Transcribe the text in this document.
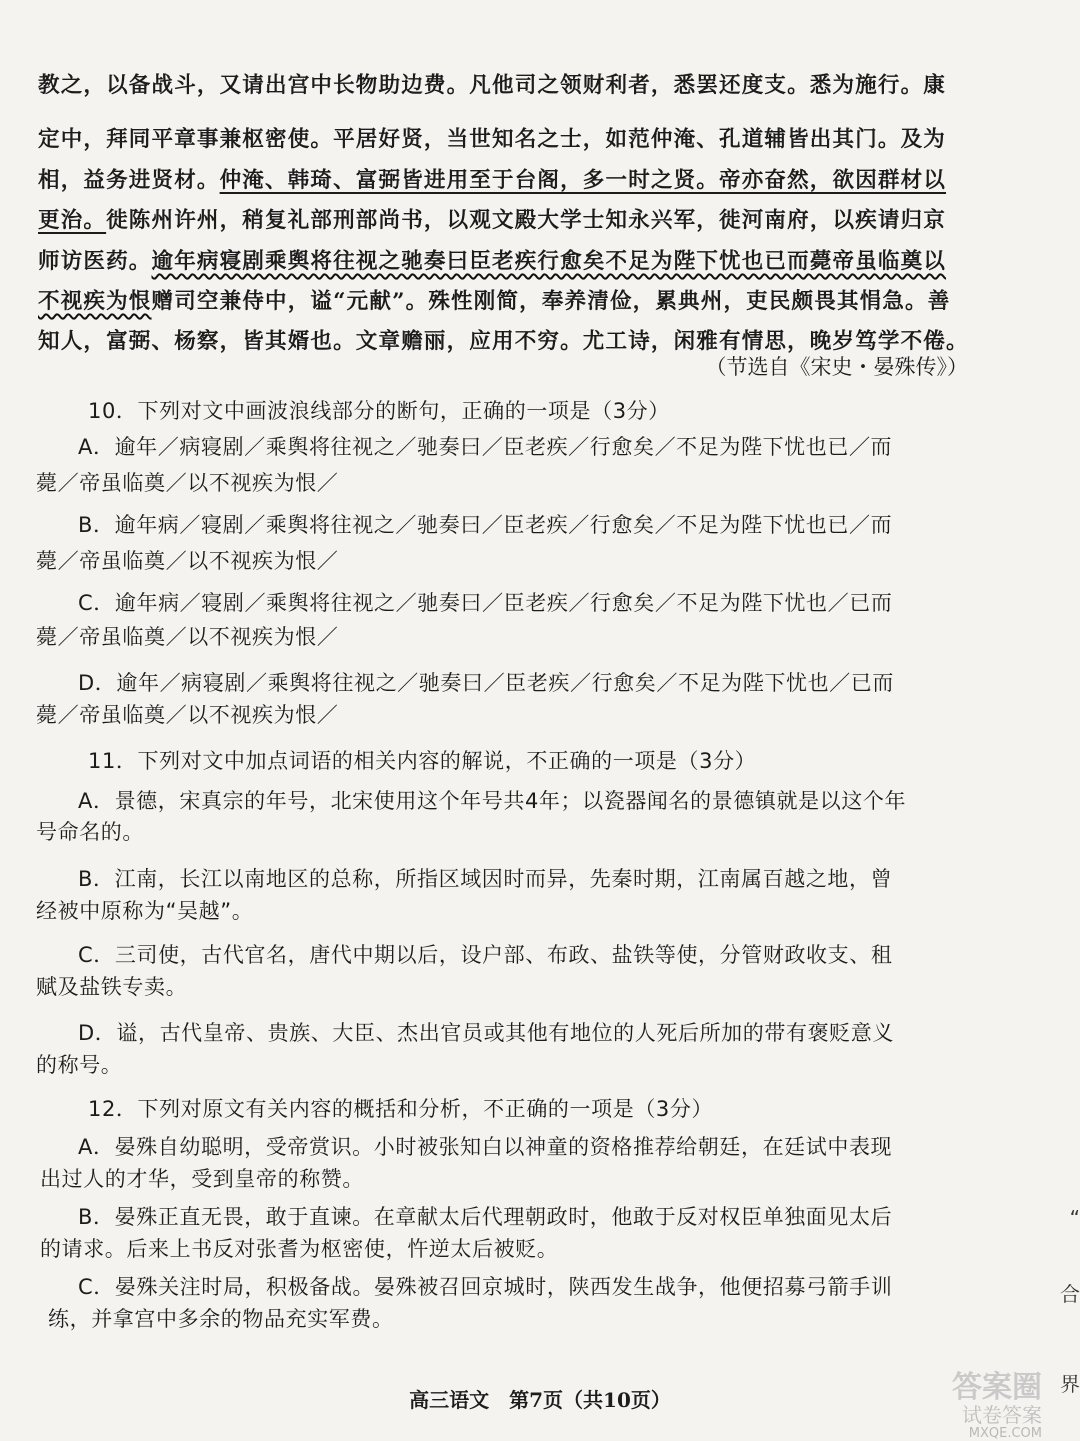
教之，以备战斗，又请出宫中长物助边费。凡他司之领财利者，悉罢还度支。悉为施行。康
定中，拜同平章事兼枢密使。平居好贤，当世知名之士，如范仲淹、孔道辅皆出其门。及为
相，益务进贤材。仲淹、韩琦、富弼皆进用至于台阁，多一时之贤。帝亦奋然，欲因群材以
更治。徙陈州许州，稍复礼部刑部尚书，以观文殿大学士知永兴军，徙河南府，以疾请归京
师访医药。逾年病寝剧乘舆将往视之驰奏曰臣老疾行愈矣不足为陛下忧也已而薨帝虽临奠以
不视疾为恨赠司空兼侍中，谥“元献”。殊性刚简，奉养清俭，累典州，吏民颇畏其悁急。善
知人，富弼、杨察，皆其婿也。文章赡丽，应用不穷。尤工诗，闲雅有情思，晚岁笃学不倦。
（节选自《宋史・晏殊传》）
10．下列对文中画波浪线部分的断句，正确的一项是（3分）
A．逾年／病寝剧／乘舆将往视之／驰奏曰／臣老疾／行愈矣／不足为陛下忧也已／而
薨／帝虽临奠／以不视疾为恨／
B．逾年病／寝剧／乘舆将往视之／驰奏曰／臣老疾／行愈矣／不足为陛下忧也已／而
薨／帝虽临奠／以不视疾为恨／
C．逾年病／寝剧／乘舆将往视之／驰奏曰／臣老疾／行愈矣／不足为陛下忧也／已而
薨／帝虽临奠／以不视疾为恨／
D．逾年／病寝剧／乘舆将往视之／驰奏曰／臣老疾／行愈矣／不足为陛下忧也／已而
薨／帝虽临奠／以不视疾为恨／
11．下列对文中加点词语的相关内容的解说，不正确的一项是（3分）
A．景德，宋真宗的年号，北宋使用这个年号共4年；以瓷器闻名的景德镇就是以这个年
号命名的。
B．江南，长江以南地区的总称，所指区域因时而异，先秦时期，江南属百越之地，曾
经被中原称为“吴越”。
C．三司使，古代官名，唐代中期以后，设户部、布政、盐铁等使，分管财政收支、租
赋及盐铁专卖。
D．谥，古代皇帝、贵族、大臣、杰出官员或其他有地位的人死后所加的带有褒贬意义
的称号。
12．下列对原文有关内容的概括和分析，不正确的一项是（3分）
A．晏殊自幼聪明，受帝赏识。小时被张知白以神童的资格推荐给朝廷，在廷试中表现
出过人的才华，受到皇帝的称赞。
B．晏殊正直无畏，敢于直谏。在章献太后代理朝政时，他敢于反对权臣单独面见太后
的请求。后来上书反对张耆为枢密使，忤逆太后被贬。
C．晏殊关注时局，积极备战。晏殊被召回京城时，陕西发生战争，他便招募弓箭手训
练，并拿宫中多余的物品充实军费。
高三语文　第7页（共10页）	答案圈
试卷答案
MXQE.COM
“
合
界
